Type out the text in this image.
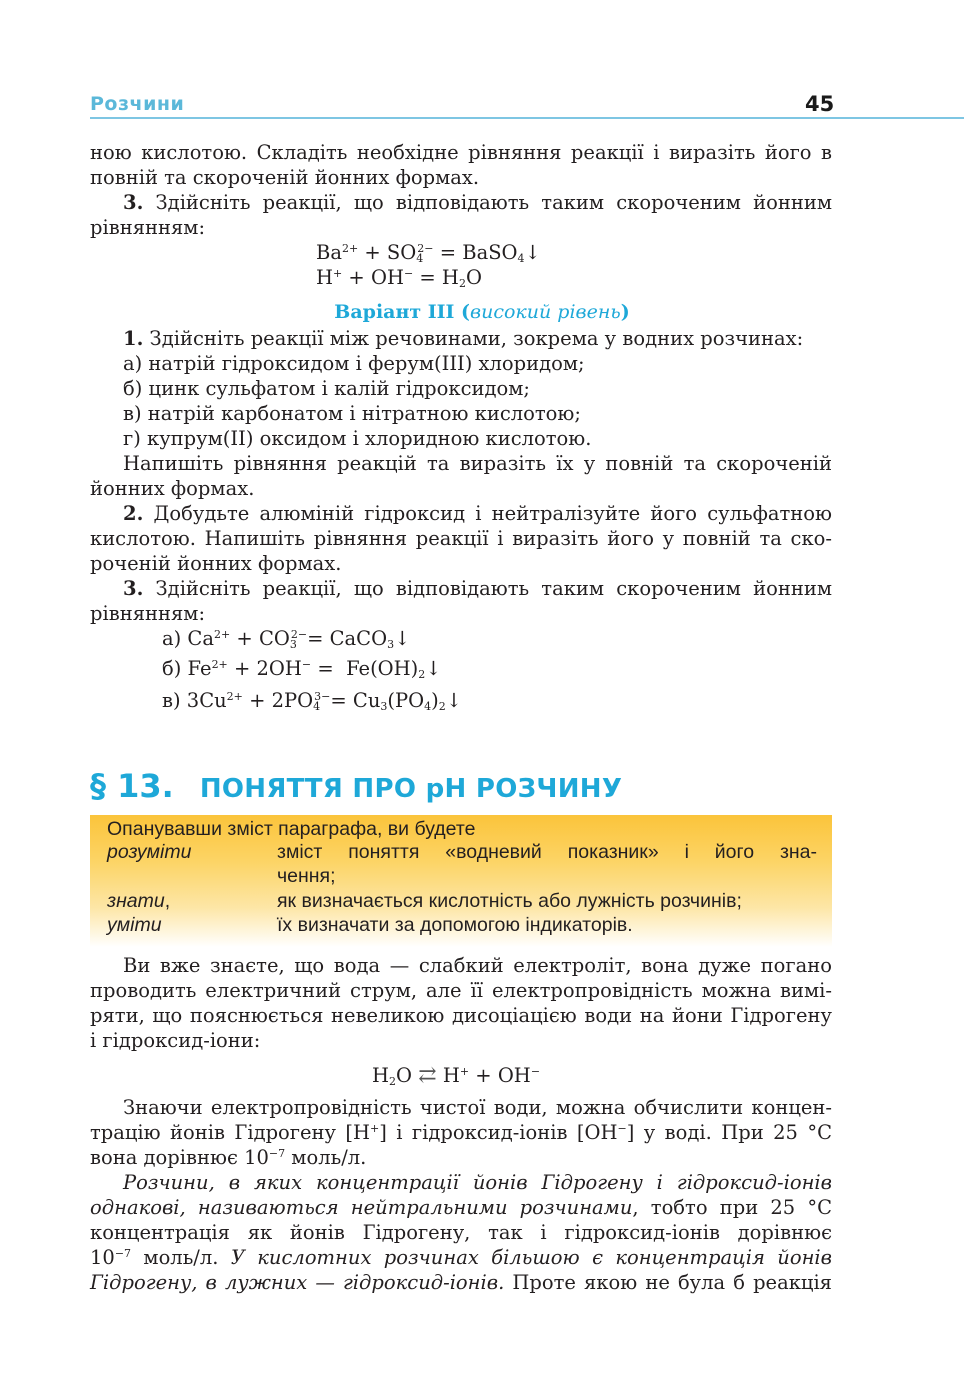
Розчини	45
ною кислотою. Складіть необхідне рівняння реакції і виразіть його в
повній та скороченій йонних формах.
3. Здійсніть реакції, що відповідають таким скороченим йонним
рівнянням:
$Ba^{2+} + SO_4^{2-}$ = BaSO$_4$↓
$H^+ + OH^- = H_2O$
Варіант ІІІ (високий рівень)
1. Здійсніть реакції між речовинами, зокрема у водних розчинах:
а) натрій гідроксидом і ферум(ІІІ) хлоридом;
б) цинк сульфатом і калій гідроксидом;
в) натрій карбонатом і нітратною кислотою;
г) купрум(ІІ) оксидом і хлоридною кислотою.
Напишіть рівняння реакцій та виразіть їх у повній та скороченій
йонних формах.
2. Добудьте алюміній гідроксид і нейтралізуйте його сульфатною
кислотою. Напишіть рівняння реакції і виразіть його у повній та ско-
роченій йонних формах.
3. Здійсніть реакції, що відповідають таким скороченим йонним
рівнянням:
а) $Ca^{2+} + CO_3^{2-}=$ CaCO$_3$↓
б) $Fe^{2+} + 2OH^-$ =  $Fe(OH)_2↓$
в) $3Cu^{2+} + 2PO_4^{3-}=$ $Cu_3(PO_4)_2↓$
§ 13. ПОНЯТТЯ ПРО pH РОЗЧИНУ
Опанувавши зміст параграфа, ви будете
розуміти	зміст поняття «водневий показник» і його зна-
чення;
знати,	як визначається кислотність або лужність розчинів;
уміти	їх визначати за допомогою індикаторів.
Ви вже знаєте, що вода — слабкий електроліт, вона дуже погано
проводить електричний струм, але її електропровідність можна вимі-
ряти, що пояснюється невеликою дисоціацією води на йони Гідрогену
і гідроксид-іони:
$H_2O$ ⇄ H+ + OH−
Знаючи електропровідність чистої води, можна обчислити концен-
трацію йонів Гідрогену [H+] і гідроксид-іонів [OH−] у воді. При 25 °C
вона дорівнює $10^{-7}$ моль/л.
Розчини, в яких концентрації йонів Гідрогену і гідроксид-іонів
однакові, називаються нейтральними розчинами, тобто при 25 °C
концентрація як йонів Гідрогену, так і гідроксид-іонів дорівнює
$10^{-7}$ моль/л. У кислотних розчинах більшою є концентрація йонів
Гідрогену, в лужних — гідроксид-іонів. Проте якою не була б реакція
